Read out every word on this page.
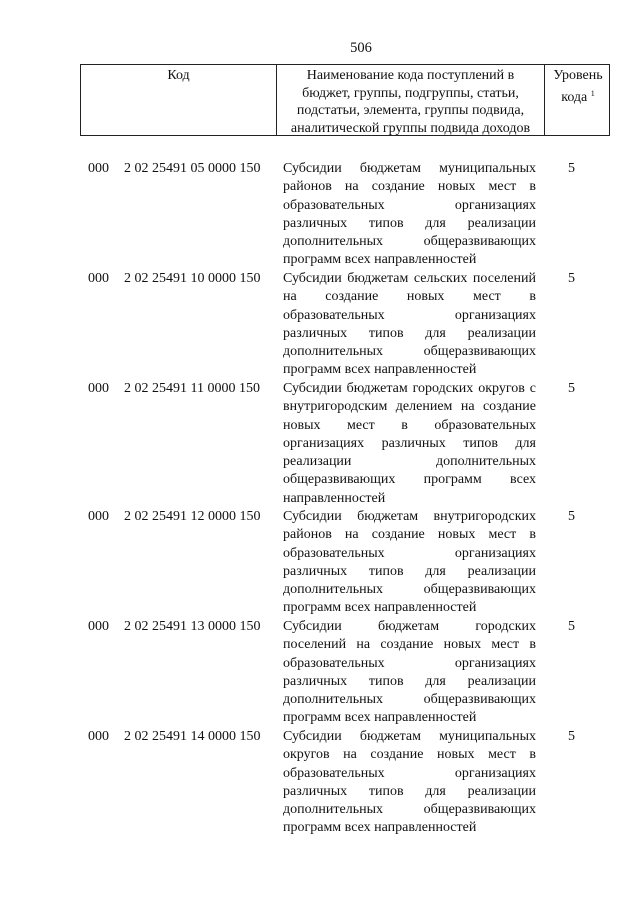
506
Код	Наименование кода поступлений в
бюджет, группы, подгруппы, статьи,
подстатьи, элемента, группы подвида,
аналитической группы подвида доходов
Уровень
кода $^1$
000 2 02 25491 05 0000 150 Субсидии бюджетам муниципальных районов на создание новых мест в образовательных организациях различных типов для реализации дополнительных общеразвивающих программ всех направленностей
5
000 2 02 25491 10 0000 150 Субсидии бюджетам сельских поселений на создание новых мест в образовательных организациях различных типов для реализации дополнительных общеразвивающих программ всех направленностей
5
000 2 02 25491 11 0000 150 Субсидии бюджетам городских округов с внутригородским делением на создание новых мест в образовательных организациях различных типов для реализации дополнительных общеразвивающих программ всех направленностей
5
000 2 02 25491 12 0000 150 Субсидии бюджетам внутригородских районов на создание новых мест в образовательных организациях различных типов для реализации дополнительных общеразвивающих программ всех направленностей
5
000 2 02 25491 13 0000 150 Субсидии бюджетам городских поселений на создание новых мест в образовательных организациях различных типов для реализации дополнительных общеразвивающих программ всех направленностей
5
000 2 02 25491 14 0000 150 Субсидии бюджетам муниципальных округов на создание новых мест в образовательных организациях различных типов для реализации дополнительных общеразвивающих программ всех направленностей
5
